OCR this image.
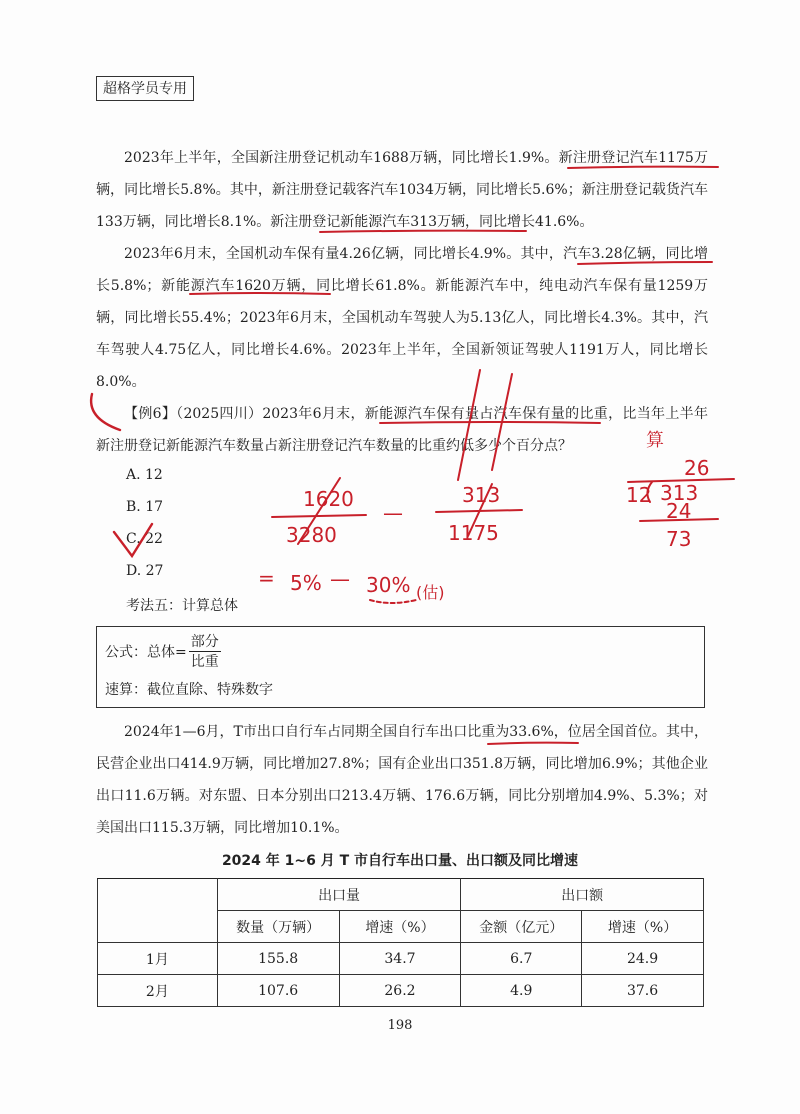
超格学员专用

2023年上半年，全国新注册登记机动车1688万辆，同比增长1.9%。新注册登记汽车1175万辆，同比增长5.8%。其中，新注册登记载客汽车1034万辆，同比增长5.6%；新注册登记载货汽车133万辆，同比增长8.1%。新注册登记新能源汽车313万辆，同比增长41.6%。

2023年6月末，全国机动车保有量4.26亿辆，同比增长4.9%。其中，汽车3.28亿辆，同比增长5.8%；新能源汽车1620万辆，同比增长61.8%。新能源汽车中，纯电动汽车保有量1259万辆，同比增长55.4%；2023年6月末，全国机动车驾驶人为5.13亿人，同比增长4.3%。其中，汽车驾驶人4.75亿人，同比增长4.6%。2023年上半年，全国新领证驾驶人1191万人，同比增长8.0%。

【例6】（2025四川）2023年6月末，新能源汽车保有量占汽车保有量的比重，比当年上半年新注册登记新能源汽车数量占新注册登记汽车数量的比重约低多少个百分点？

A. 12
B. 17
C. 22
D. 27
考法五：计算总体
公式：总体= $\frac{\text{部分}}{\text{比重}}$
速算：截位直除、特殊数字

2024年1—6月，T市出口自行车占同期全国自行车出口比重为33.6%，位居全国首位。其中，民营企业出口414.9万辆，同比增加27.8%；国有企业出口351.8万辆，同比增加6.9%；其他企业出口11.6万辆。对东盟、日本分别出口213.4万辆、176.6万辆，同比分别增加4.9%、5.3%；对美国出口115.3万辆，同比增加10.1%。

2024 年 1~6 月 T 市自行车出口量、出口额及同比增速
	出口量		出口额	
	数量（万辆）	增速（%）	金额（亿元）	增速（%）
1月	155.8	34.7	6.7	24.9
2月	107.6	26.2	4.9	37.6
198
1620
3280
—
313
1175
= 5% — 30% (估)
算
26
12 313
24
73
